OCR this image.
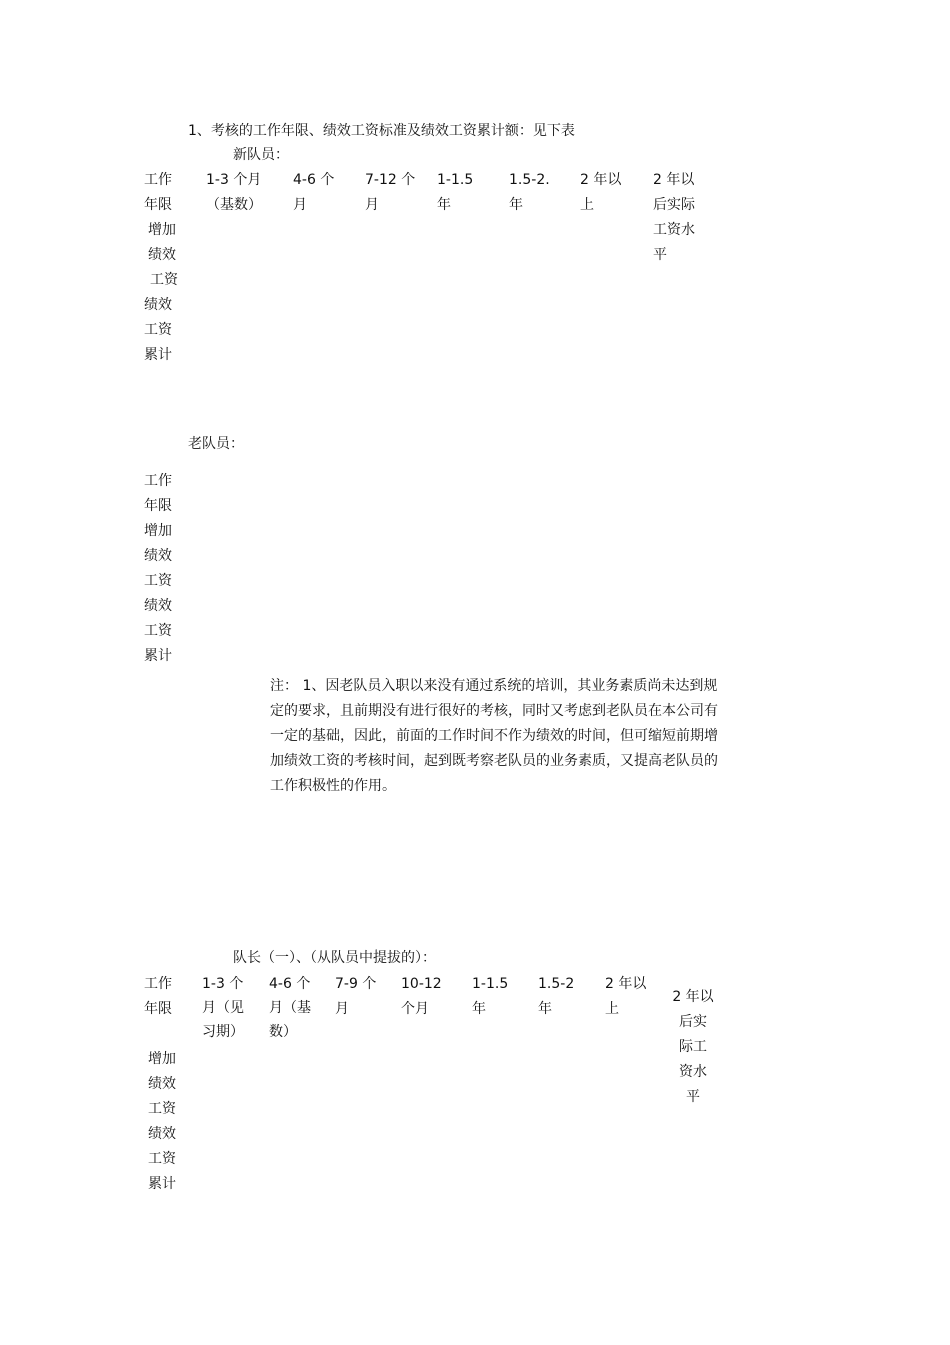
1、考核的工作年限、绩效工资标准及绩效工资累计额：见下表
新队员：
工作
年限
增加
绩效
工资
绩效
工资
累计
1-3 个月
（基数）
4-6 个
月
7-12 个
月
1-1.5
年
1.5-2.
年
2 年以
上
2 年以
后实际
工资水
平
老队员：
工作
年限
增加
绩效
工资
绩效
工资
累计
注： 1、因老队员入职以来没有通过系统的培训，其业务素质尚未达到规
定的要求，且前期没有进行很好的考核，同时又考虑到老队员在本公司有
一定的基础，因此，前面的工作时间不作为绩效的时间，但可缩短前期增
加绩效工资的考核时间，起到既考察老队员的业务素质，又提高老队员的
工作积极性的作用。
队长（一）、（从队员中提拔的）：
工作
年限
增加
绩效
工资
绩效
工资
累计
1-3 个
月（见
习期）
4-6 个
月（基
数）
7-9 个
月
10-12
个月
1-1.5
年
1.5-2
年
2 年以
上
2 年以
后实
际工
资水
平
